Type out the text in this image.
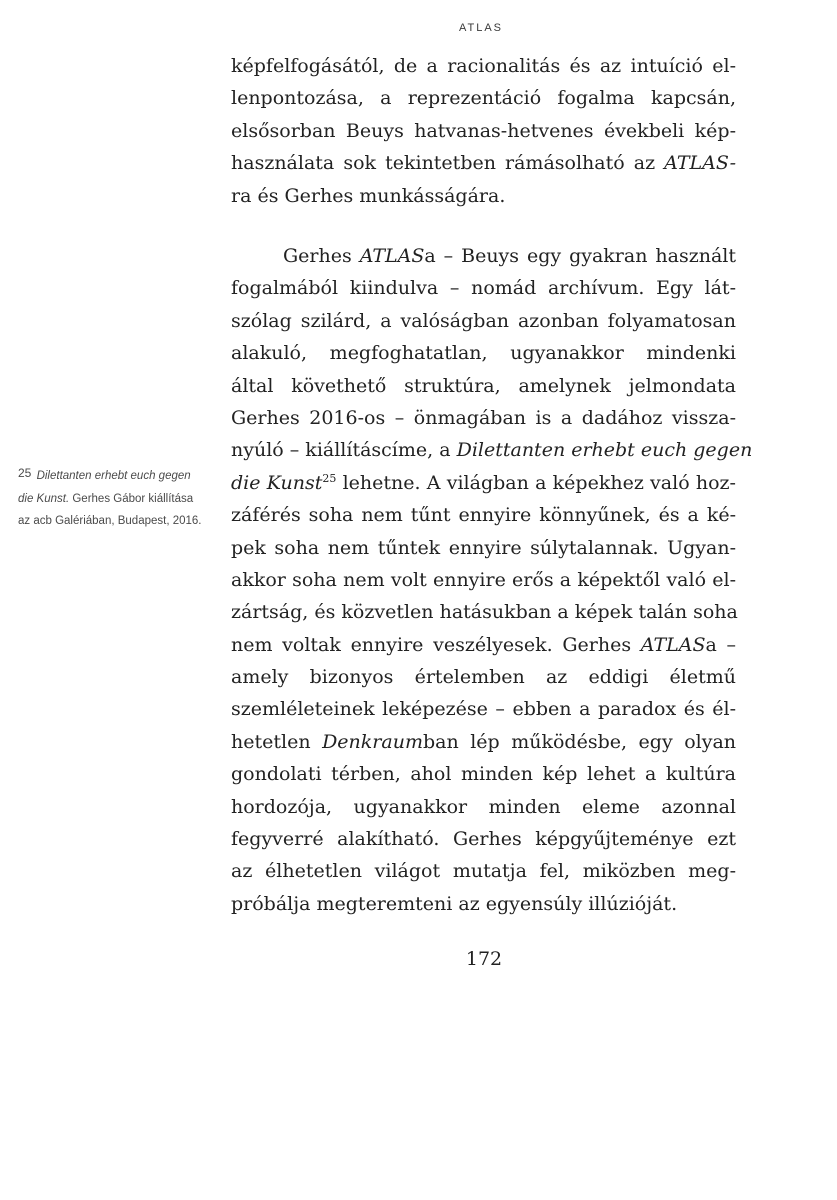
ATLAS
képfelfogásától, de a racionalitás és az intuíció el-
lenpontozása, a reprezentáció fogalma kapcsán,
elsősorban Beuys hatvanas-hetvenes évekbeli kép-
használata sok tekintetben rámásolható az ATLAS-
ra és Gerhes munkásságára.
Gerhes ATLASa – Beuys egy gyakran használt
fogalmából kiindulva – nomád archívum. Egy lát-
szólag szilárd, a valóságban azonban folyamatosan
alakuló, megfoghatatlan, ugyanakkor mindenki
által követhető struktúra, amelynek jelmondata
Gerhes 2016-os – önmagában is a dadához vissza-
nyúló – kiállításcíme, a Dilettanten erhebt euch gegen
die Kunst$^{25}$ lehetne. A világban a képekhez való hoz-
záférés soha nem tűnt ennyire könnyűnek, és a ké-
pek soha nem tűntek ennyire súlytalannak. Ugyan-
akkor soha nem volt ennyire erős a képektől való el-
zártság, és közvetlen hatásukban a képek talán soha
nem voltak ennyire veszélyesek. Gerhes ATLASa –
amely bizonyos értelemben az eddigi életmű
szemléleteinek leképezése – ebben a paradox és él-
hetetlen Denkraumban lép működésbe, egy olyan
gondolati térben, ahol minden kép lehet a kultúra
hordozója, ugyanakkor minden eleme azonnal
fegyverré alakítható. Gerhes képgyűjteménye ezt
az élhetetlen világot mutatja fel, miközben meg-
próbálja megteremteni az egyensúly illúzióját.
25 Dilettanten erhebt euch gegen die Kunst. Gerhes Gábor kiállítása az acb Galériában, Budapest, 2016.
172
